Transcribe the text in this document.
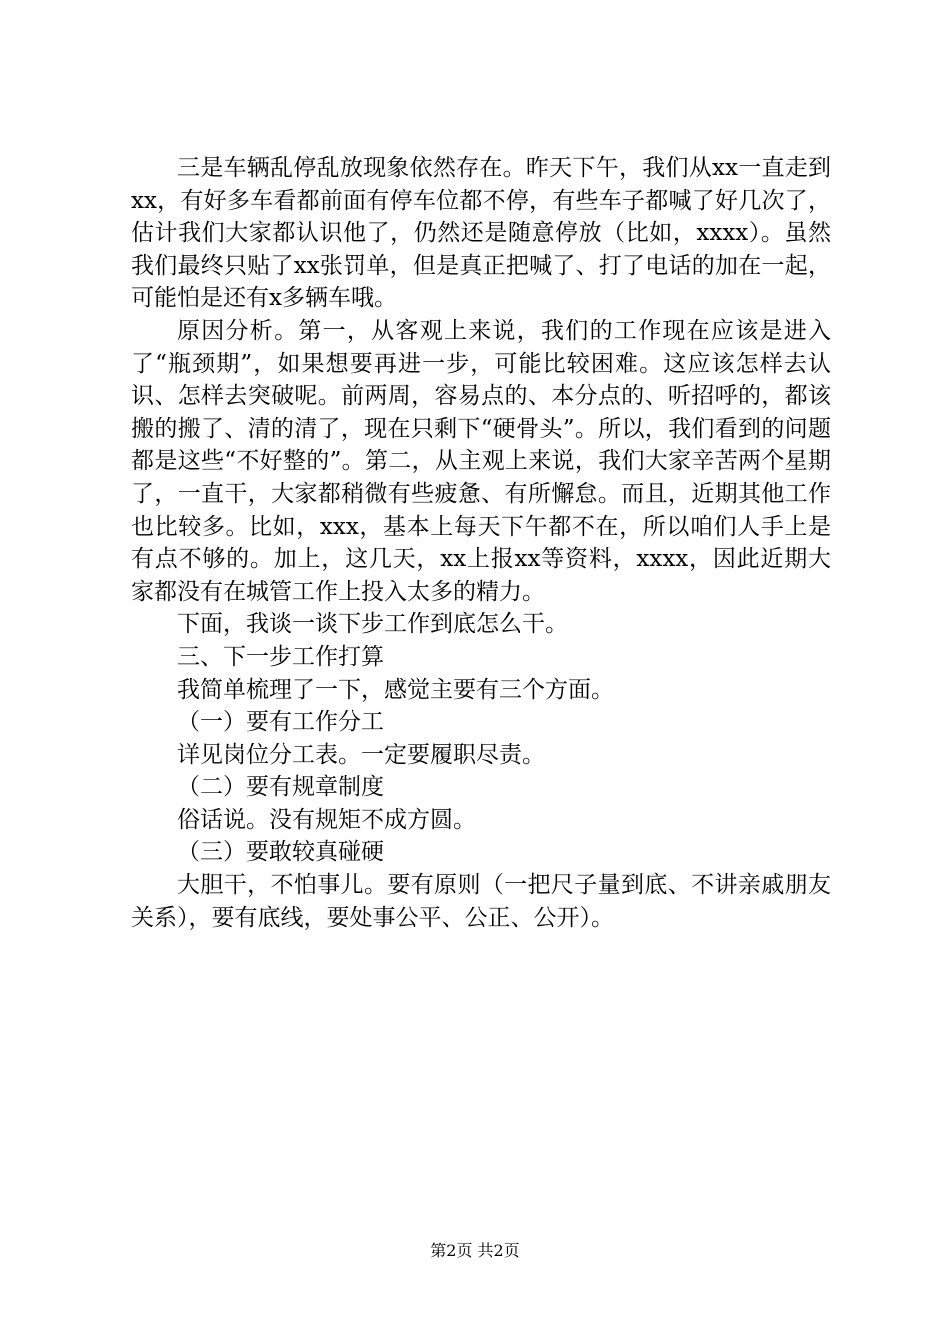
三是车辆乱停乱放现象依然存在。昨天下午，我们从xx一直走到xx，有好多车看都前面有停车位都不停，有些车子都喊了好几次了，估计我们大家都认识他了，仍然还是随意停放（比如，xxxx）。虽然我们最终只贴了xx张罚单，但是真正把喊了、打了电话的加在一起，可能怕是还有x多辆车哦。

原因分析。第一，从客观上来说，我们的工作现在应该是进入了“瓶颈期”，如果想要再进一步，可能比较困难。这应该怎样去认识、怎样去突破呢。前两周，容易点的、本分点的、听招呼的，都该搬的搬了、清的清了，现在只剩下“硬骨头”。所以，我们看到的问题都是这些“不好整的”。第二，从主观上来说，我们大家辛苦两个星期了，一直干，大家都稍微有些疲惫、有所懈怠。而且，近期其他工作也比较多。比如，xxx，基本上每天下午都不在，所以咱们人手上是有点不够的。加上，这几天，xx上报xx等资料，xxxx，因此近期大家都没有在城管工作上投入太多的精力。

下面，我谈一谈下步工作到底怎么干。

三、下一步工作打算

我简单梳理了一下，感觉主要有三个方面。

（一）要有工作分工

详见岗位分工表。一定要履职尽责。

（二）要有规章制度

俗话说。没有规矩不成方圆。

（三）要敢较真碰硬

大胆干，不怕事儿。要有原则（一把尺子量到底、不讲亲戚朋友关系），要有底线，要处事公平、公正、公开）。

第2页 共2页
